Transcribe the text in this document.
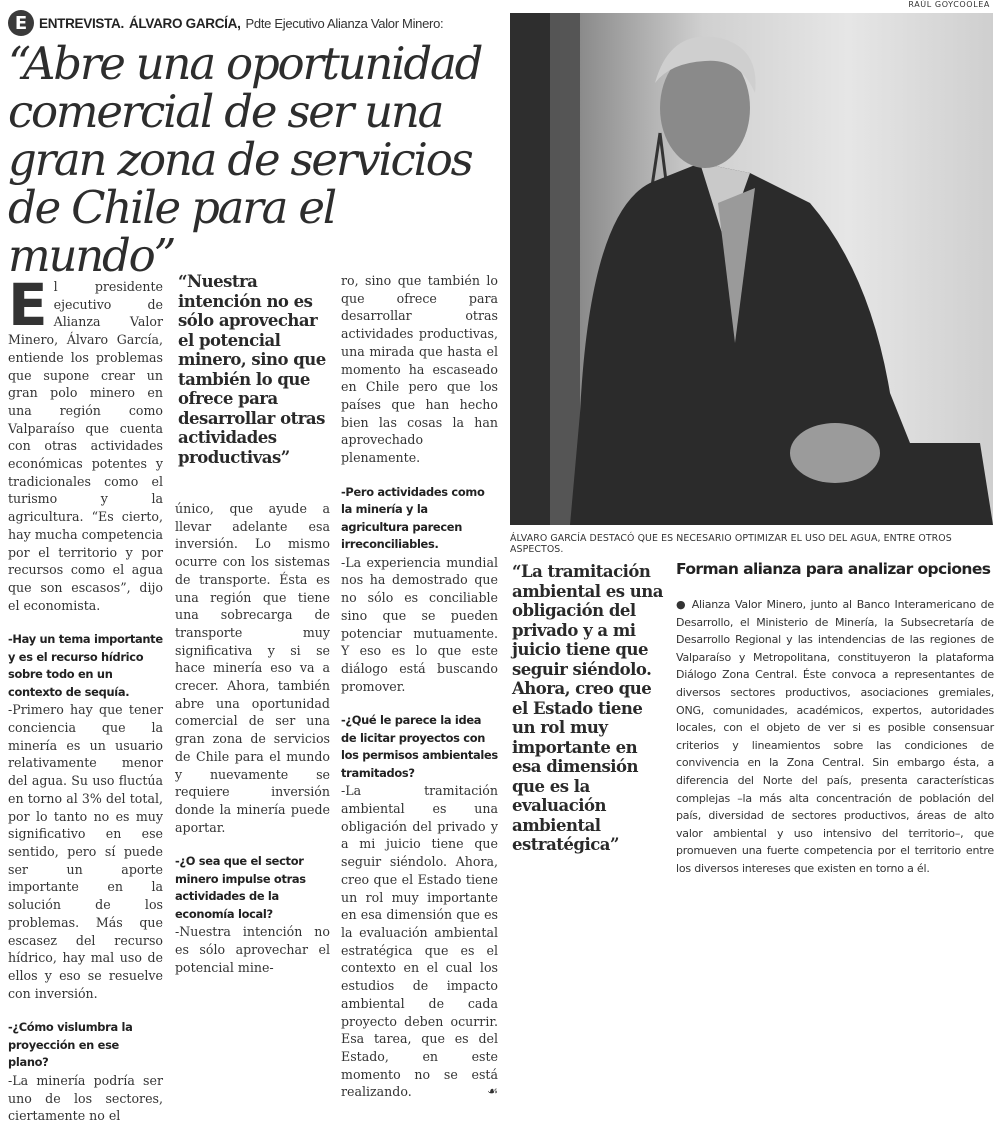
E ENTREVISTA. ÁLVARO GARCÍA, Pdte Ejecutivo Alianza Valor Minero:
“Abre una oportunidad comercial de ser una gran zona de servicios de Chile para el mundo”

El presidente ejecutivo de Alianza Valor Minero, Álvaro García, entiende los problemas que supone crear un gran polo minero en una región como Valparaíso que cuenta con otras actividades económicas potentes y tradicionales como el turismo y la agricultura. “Es cierto, hay mucha competencia por el territorio y por recursos como el agua que son escasos”, dijo el economista.

-Hay un tema importante y es el recurso hídrico sobre todo en un contexto de sequía.

-Primero hay que tener conciencia que la minería es un usuario relativamente menor del agua. Su uso fluctúa en torno al 3% del total, por lo tanto no es muy significativo en ese sentido, pero sí puede ser un aporte importante en la solución de los problemas. Más que escasez del recurso hídrico, hay mal uso de ellos y eso se resuelve con inversión.

-¿Cómo vislumbra la proyección en ese plano?

-La minería podría ser uno de los sectores, ciertamente no el

“Nuestra intención no es sólo aprovechar el potencial minero, sino que también lo que ofrece para desarrollar otras actividades productivas”

único, que ayude a llevar adelante esa inversión. Lo mismo ocurre con los sistemas de transporte. Ésta es una región que tiene una sobrecarga de transporte muy significativa y si se hace minería eso va a crecer. Ahora, también abre una oportunidad comercial de ser una gran zona de servicios de Chile para el mundo y nuevamente se requiere inversión donde la minería puede aportar.

-¿O sea que el sector minero impulse otras actividades de la economía local?

-Nuestra intención no es sólo aprovechar el potencial mine-

ro, sino que también lo que ofrece para desarrollar otras actividades productivas, una mirada que hasta el momento ha escaseado en Chile pero que los países que han hecho bien las cosas la han aprovechado plenamente.

-Pero actividades como la minería y la agricultura parecen irreconciliables.

-La experiencia mundial nos ha demostrado que no sólo es conciliable sino que se pueden potenciar mutuamente. Y eso es lo que este diálogo está buscando promover.

-¿Qué le parece la idea de licitar proyectos con los permisos ambientales tramitados?

-La tramitación ambiental es una obligación del privado y a mi juicio tiene que seguir siéndolo. Ahora, creo que el Estado tiene un rol muy importante en esa dimensión que es la evaluación ambiental estratégica que es el contexto en el cual los estudios de impacto ambiental de cada proyecto deben ocurrir. Esa tarea, que es del Estado, en este momento no se está realizando.	☙

RAÚL GOYCOOLEA
ÁLVARO GARCÍA DESTACÓ QUE ES NECESARIO OPTIMIZAR EL USO DEL AGUA, ENTRE OTROS ASPECTOS.
“La tramitación ambiental es una obligación del privado y a mi juicio tiene que seguir siéndolo. Ahora, creo que el Estado tiene un rol muy importante en esa dimensión que es la evaluación ambiental estratégica”
Forman alianza para analizar opciones
● Alianza Valor Minero, junto al Banco Interamericano de Desarrollo, el Ministerio de Minería, la Subsecretaría de Desarrollo Regional y las intendencias de las regiones de Valparaíso y Metropolitana, constituyeron la plataforma Diálogo Zona Central. Éste convoca a representantes de diversos sectores productivos, asociaciones gremiales, ONG, comunidades, académicos, expertos, autoridades locales, con el objeto de ver si es posible consensuar criterios y lineamientos sobre las condiciones de convivencia en la Zona Central. Sin embargo ésta, a diferencia del Norte del país, presenta características complejas –la más alta concentración de población del país, diversidad de sectores productivos, áreas de alto valor ambiental y uso intensivo del territorio–, que promueven una fuerte competencia por el territorio entre los diversos intereses que existen en torno a él.
